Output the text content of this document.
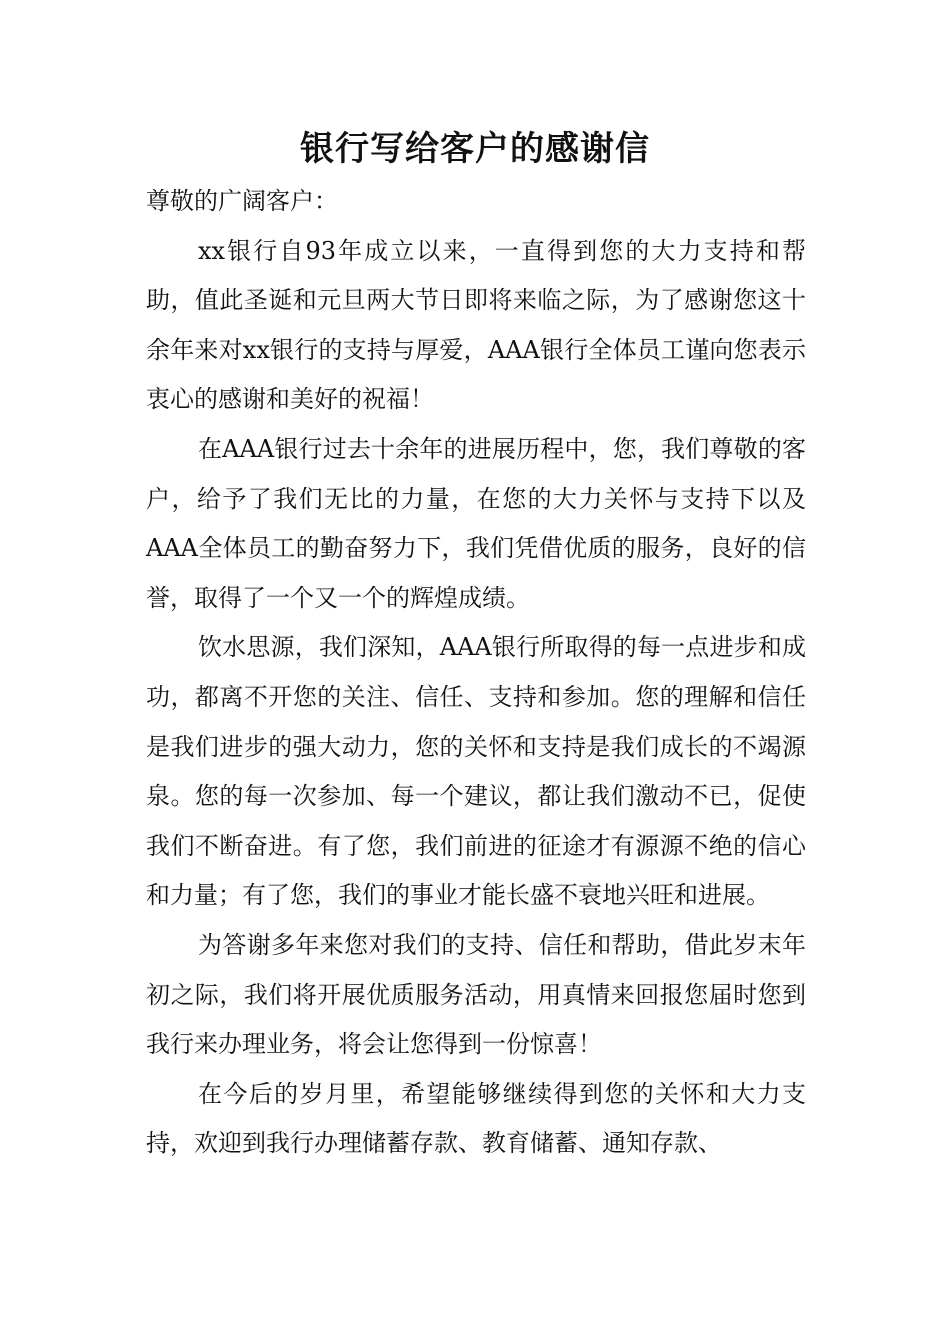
银行写给客户的感谢信

尊敬的广阔客户：

xx银行自93年成立以来，一直得到您的大力支持和帮助，值此圣诞和元旦两大节日即将来临之际，为了感谢您这十余年来对xx银行的支持与厚爱，AAA银行全体员工谨向您表示衷心的感谢和美好的祝福！

在AAA银行过去十余年的进展历程中，您，我们尊敬的客户，给予了我们无比的力量，在您的大力关怀与支持下以及AAA全体员工的勤奋努力下，我们凭借优质的服务，良好的信誉，取得了一个又一个的辉煌成绩。

饮水思源，我们深知，AAA银行所取得的每一点进步和成功，都离不开您的关注、信任、支持和参加。您的理解和信任是我们进步的强大动力，您的关怀和支持是我们成长的不竭源泉。您的每一次参加、每一个建议，都让我们激动不已，促使我们不断奋进。有了您，我们前进的征途才有源源不绝的信心和力量；有了您，我们的事业才能长盛不衰地兴旺和进展。

为答谢多年来您对我们的支持、信任和帮助，借此岁末年初之际，我们将开展优质服务活动，用真情来回报您届时您到我行来办理业务，将会让您得到一份惊喜！

在今后的岁月里，希望能够继续得到您的关怀和大力支持，欢迎到我行办理储蓄存款、教育储蓄、通知存款、
